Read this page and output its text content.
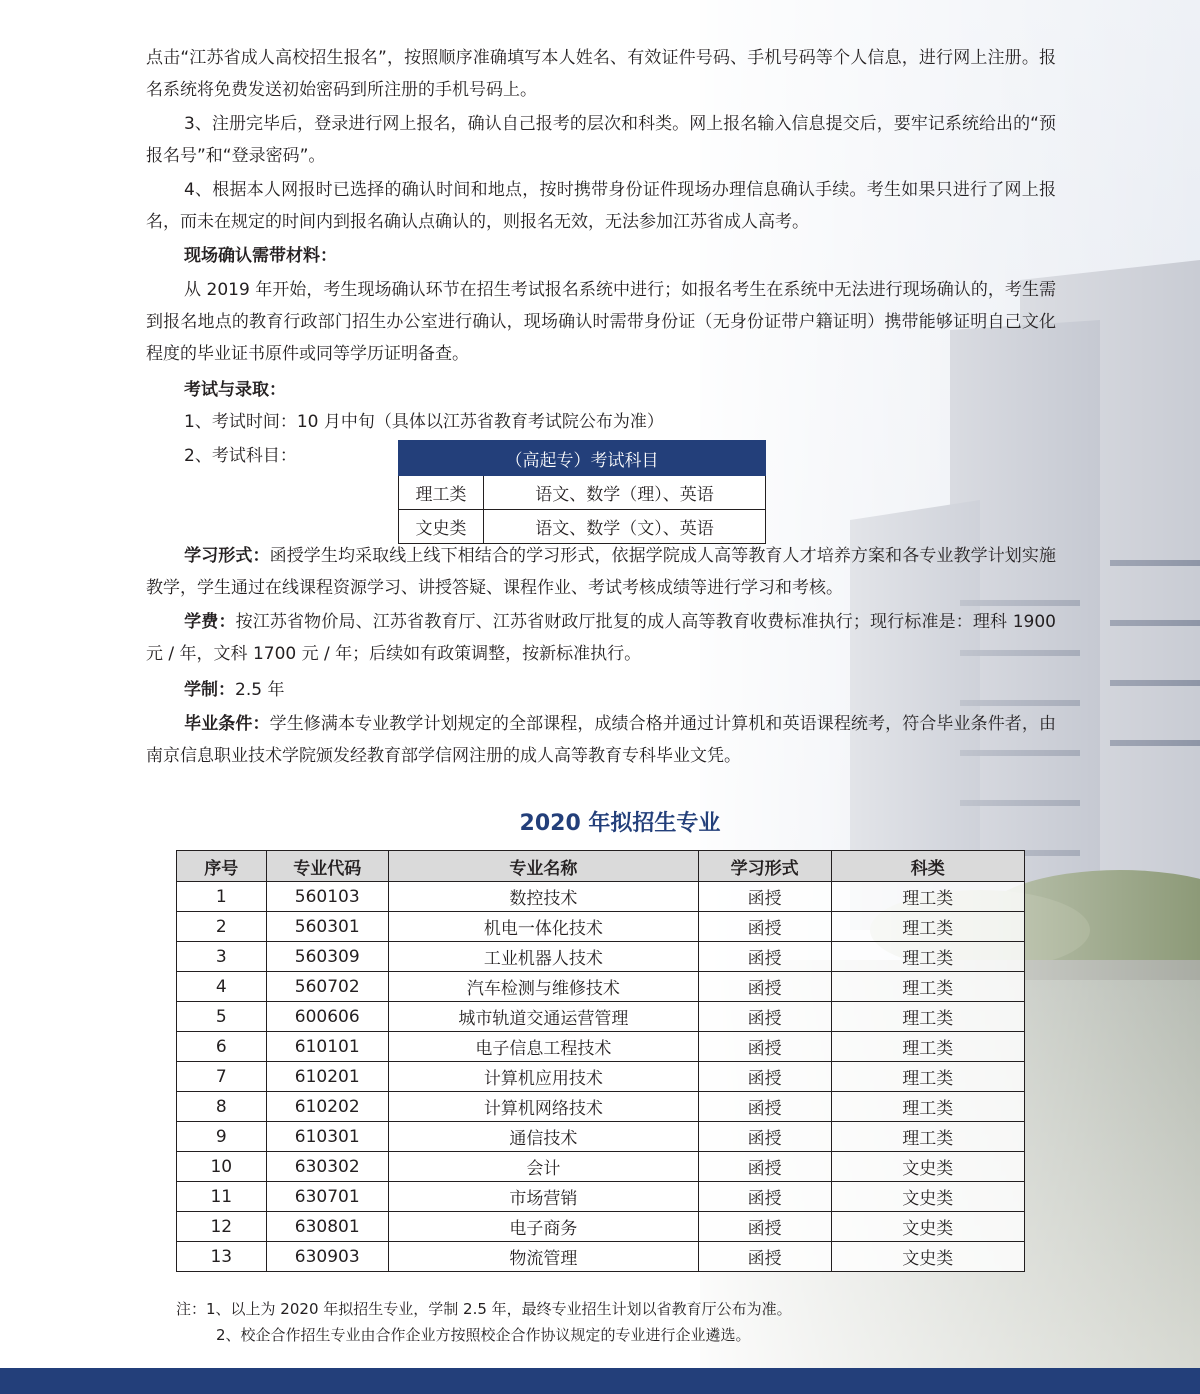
点击“江苏省成人高校招生报名”，按照顺序准确填写本人姓名、有效证件号码、手机号码等个人信息，进行网上注册。报名系统将免费发送初始密码到所注册的手机号码上。
3、注册完毕后，登录进行网上报名，确认自己报考的层次和科类。网上报名输入信息提交后，要牢记系统给出的“预报名号”和“登录密码”。
4、根据本人网报时已选择的确认时间和地点，按时携带身份证件现场办理信息确认手续。考生如果只进行了网上报名，而未在规定的时间内到报名确认点确认的，则报名无效，无法参加江苏省成人高考。
现场确认需带材料：
从 2019 年开始，考生现场确认环节在招生考试报名系统中进行；如报名考生在系统中无法进行现场确认的，考生需到报名地点的教育行政部门招生办公室进行确认，现场确认时需带身份证（无身份证带户籍证明）携带能够证明自己文化程度的毕业证书原件或同等学历证明备查。
考试与录取：
1、考试时间：10 月中旬（具体以江苏省教育考试院公布为准）
2、考试科目：	（高起专）考试科目	
理工类	语文、数学（理）、英语
文史类	语文、数学（文）、英语
学习形式：函授学生均采取线上线下相结合的学习形式，依据学院成人高等教育人才培养方案和各专业教学计划实施教学，学生通过在线课程资源学习、讲授答疑、课程作业、考试考核成绩等进行学习和考核。
学费：按江苏省物价局、江苏省教育厅、江苏省财政厅批复的成人高等教育收费标准执行；现行标准是：理科 1900 元 / 年，文科 1700 元 / 年；后续如有政策调整，按新标准执行。
学制：2.5 年
毕业条件：学生修满本专业教学计划规定的全部课程，成绩合格并通过计算机和英语课程统考，符合毕业条件者，由南京信息职业技术学院颁发经教育部学信网注册的成人高等教育专科毕业文凭。
2020 年拟招生专业
序号	专业代码	专业名称	学习形式	科类
1	560103	数控技术	函授	理工类
2	560301	机电一体化技术	函授	理工类
3	560309	工业机器人技术	函授	理工类
4	560702	汽车检测与维修技术	函授	理工类
5	600606	城市轨道交通运营管理	函授	理工类
6	610101	电子信息工程技术	函授	理工类
7	610201	计算机应用技术	函授	理工类
8	610202	计算机网络技术	函授	理工类
9	610301	通信技术	函授	理工类
10	630302	会计	函授	文史类
11	630701	市场营销	函授	文史类
12	630801	电子商务	函授	文史类
13	630903	物流管理	函授	文史类
注：1、以上为 2020 年拟招生专业，学制 2.5 年，最终专业招生计划以省教育厅公布为准。
2、校企合作招生专业由合作企业方按照校企合作协议规定的专业进行企业遴选。
